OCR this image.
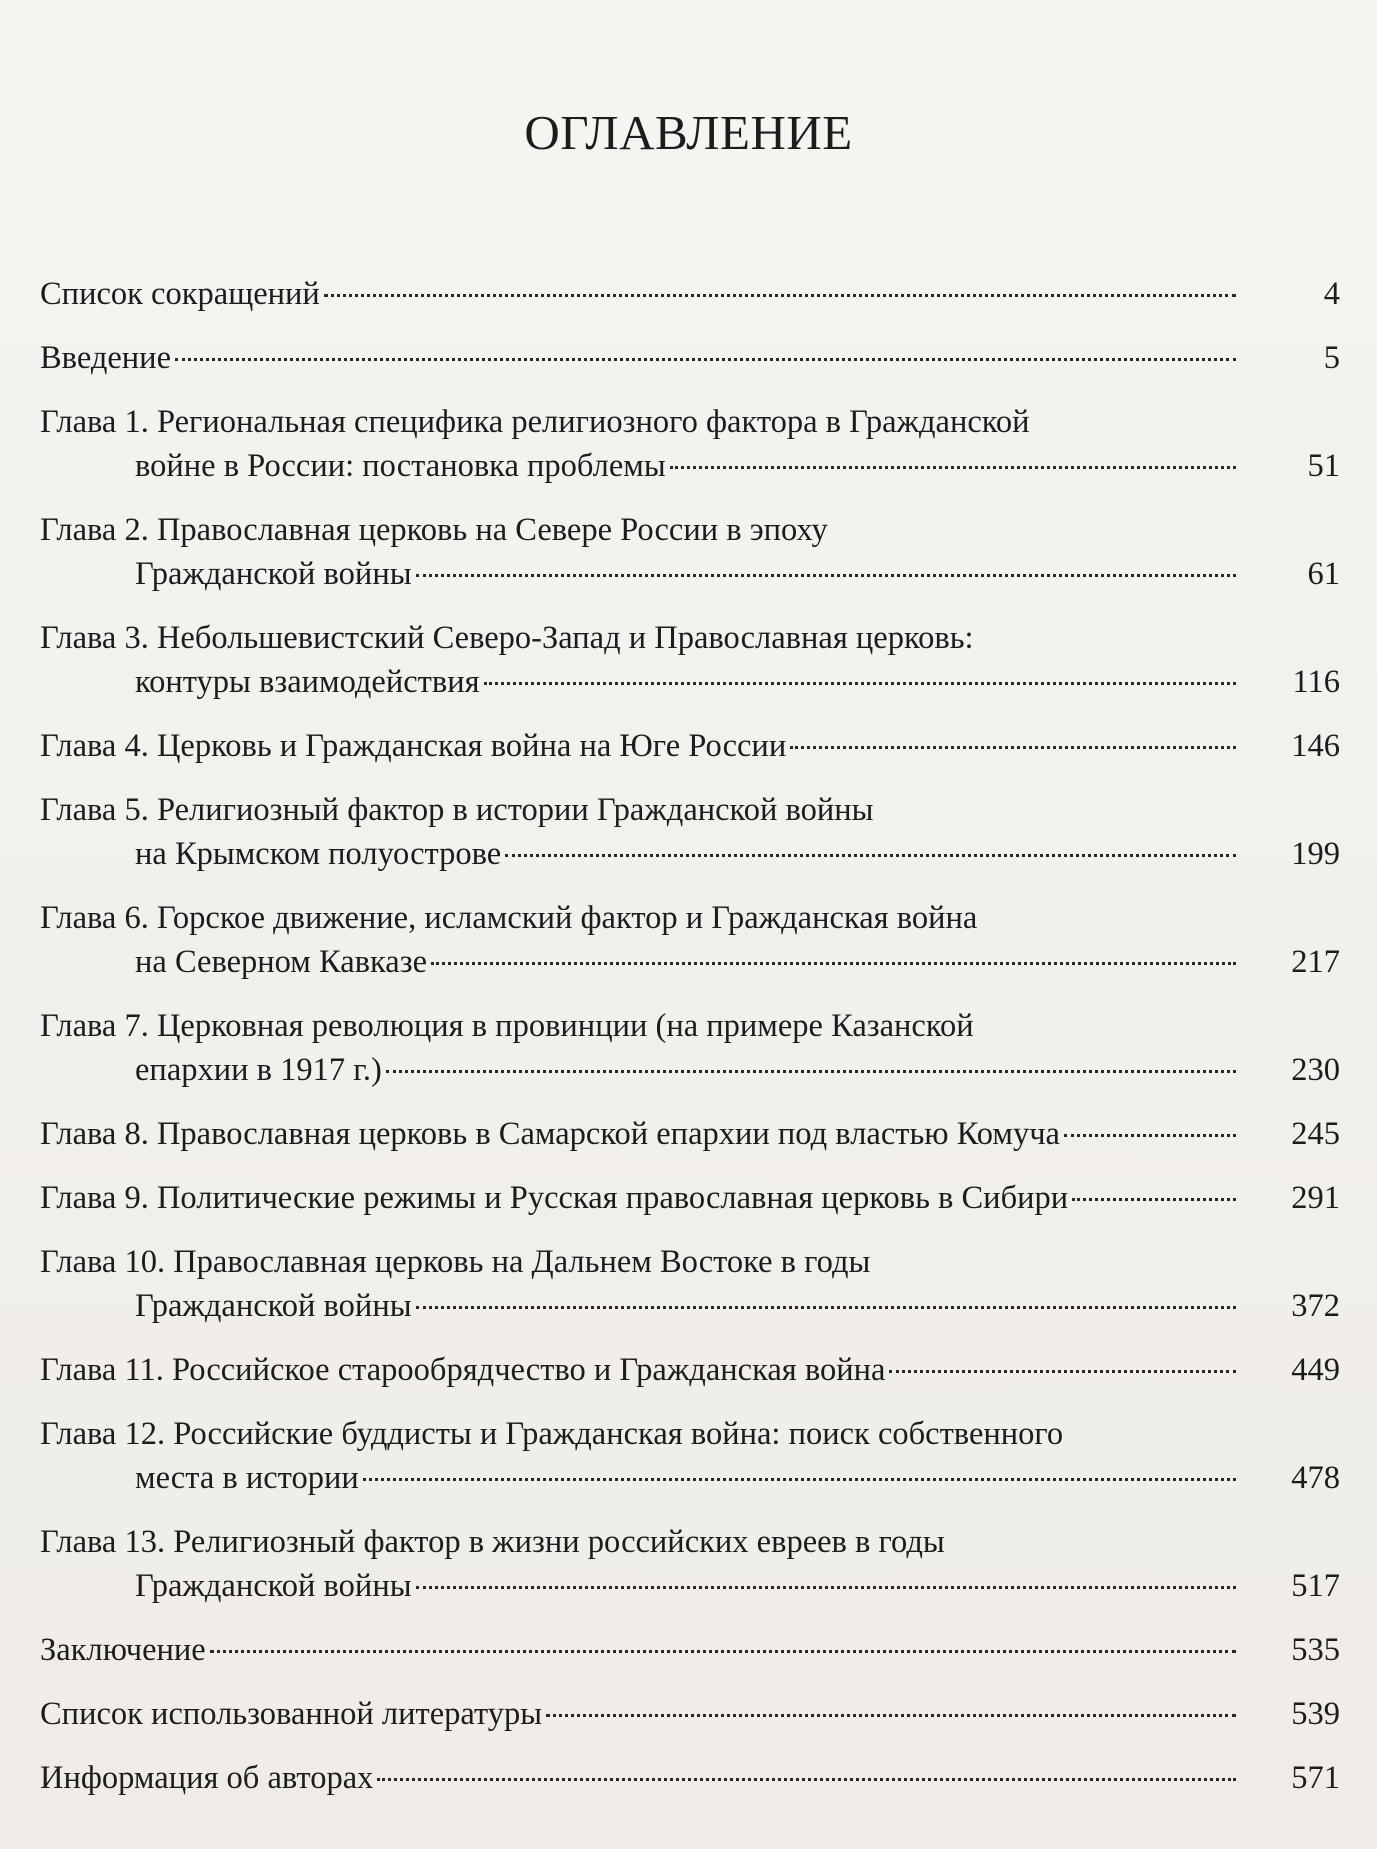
ОГЛАВЛЕНИЕ
Список сокращений	4
Введение	5
Глава 1. Региональная специфика религиозного фактора в Гражданской
войне в России: постановка проблемы	51
Глава 2. Православная церковь на Севере России в эпоху
Гражданской войны	61
Глава 3. Небольшевистский Северо-Запад и Православная церковь:
контуры взаимодействия	116
Глава 4. Церковь и Гражданская война на Юге России	146
Глава 5. Религиозный фактор в истории Гражданской войны
на Крымском полуострове	199
Глава 6. Горское движение, исламский фактор и Гражданская война
на Северном Кавказе	217
Глава 7. Церковная революция в провинции (на примере Казанской
епархии в 1917 г.)	230
Глава 8. Православная церковь в Самарской епархии под властью Комуча	245
Глава 9. Политические режимы и Русская православная церковь в Сибири	291
Глава 10. Православная церковь на Дальнем Востоке в годы
Гражданской войны	372
Глава 11. Российское старообрядчество и Гражданская война	449
Глава 12. Российские буддисты и Гражданская война: поиск собственного
места в истории	478
Глава 13. Религиозный фактор в жизни российских евреев в годы
Гражданской войны	517
Заключение	535
Список использованной литературы	539
Информация об авторах	571
